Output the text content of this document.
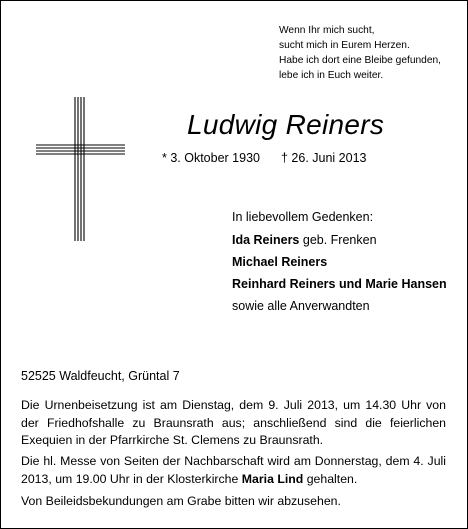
Wenn Ihr mich sucht,
sucht mich in Eurem Herzen.
Habe ich dort eine Bleibe gefunden,
lebe ich in Euch weiter.
Ludwig Reiners
* 3. Oktober 1930 † 26. Juni 2013
In liebevollem Gedenken:
Ida Reiners geb. Frenken
Michael Reiners
Reinhard Reiners und Marie Hansen
sowie alle Anverwandten
52525 Waldfeucht, Grüntal 7
Die Urnenbeisetzung ist am Dienstag, dem 9. Juli 2013, um 14.30 Uhr von der Friedhofshalle zu Braunsrath aus; anschließend sind die feierlichen Exequien in der Pfarrkirche St. Clemens zu Braunsrath.
Die hl. Messe von Seiten der Nachbarschaft wird am Donnerstag, dem 4. Juli 2013, um 19.00 Uhr in der Klosterkirche Maria Lind gehalten.
Von Beileidsbekundungen am Grabe bitten wir abzusehen.
